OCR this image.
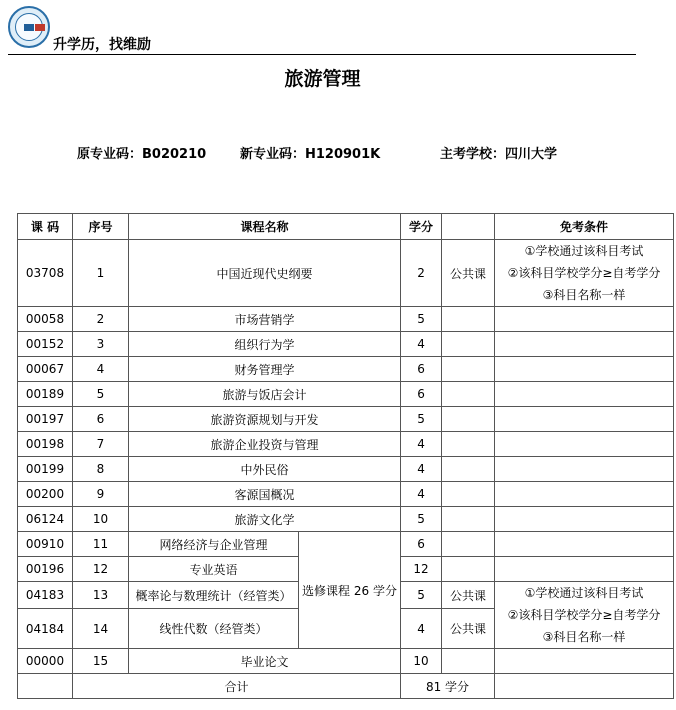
升学历，找维励
旅游管理
原专业码：B020210	新专业码：H120901K	主考学校：四川大学
课 码	序号	课程名称		学分		免考条件
03708	1	中国近现代史纲要		2	公共课	①学校通过该科目考试
②该科目学校学分≥自考学分
③科目名称一样

00058	2	市场营销学		5		
00152	3	组织行为学		4		
00067	4	财务管理学		6		
00189	5	旅游与饭店会计		6		
00197	6	旅游资源规划与开发		5		
00198	7	旅游企业投资与管理		4		
00199	8	中外民俗		4		
00200	9	客源国概况		4		
06124	10	旅游文化学		5		
00910	11	网络经济与企业管理	选修课程 26 学分	6		
00196	12	专业英语		12		
04183	13	概率论与数理统计（经管类）		5	公共课	①学校通过该科目考试
②该科目学校学分≥自考学分
③科目名称一样

04184	14	线性代数（经管类）		4	公共课	
00000	15	毕业论文		10		
	合计			81 学分		
